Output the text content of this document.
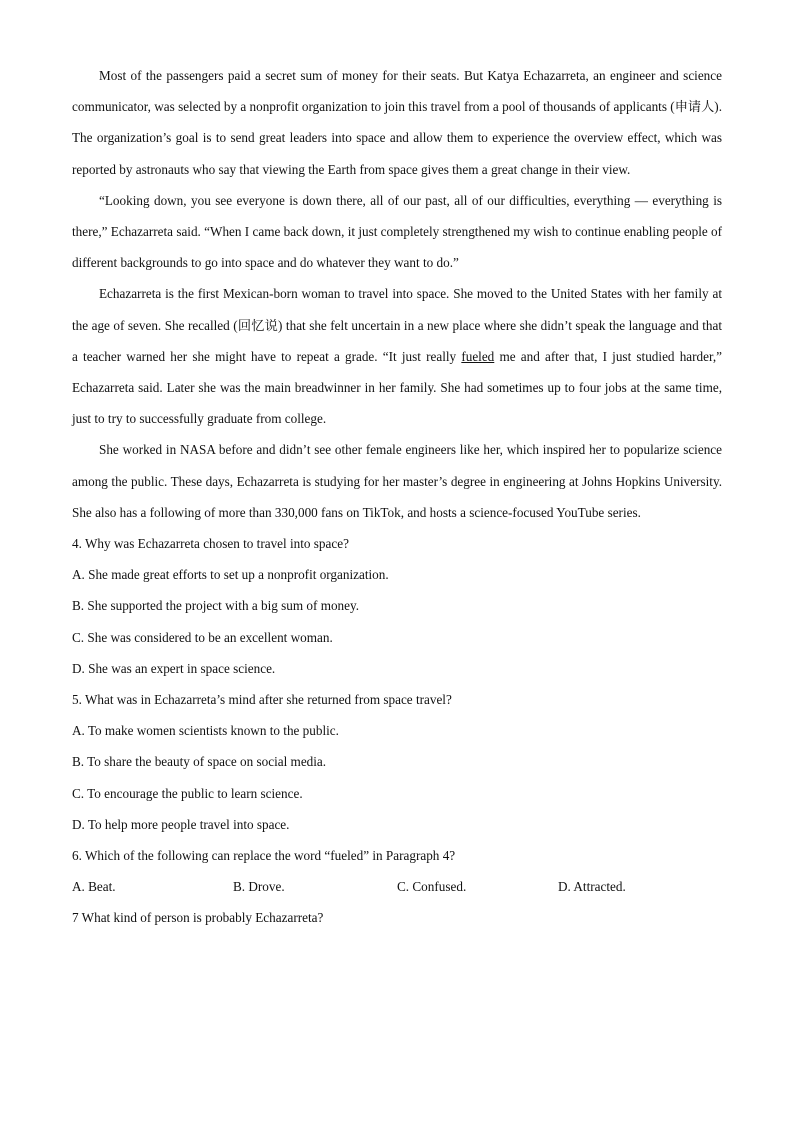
Most of the passengers paid a secret sum of money for their seats. But Katya Echazarreta, an engineer and science communicator, was selected by a nonprofit organization to join this travel from a pool of thousands of applicants (申请人). The organization’s goal is to send great leaders into space and allow them to experience the overview effect, which was reported by astronauts who say that viewing the Earth from space gives them a great change in their view.

“Looking down, you see everyone is down there, all of our past, all of our difficulties, everything — everything is there,” Echazarreta said. “When I came back down, it just completely strengthened my wish to continue enabling people of different backgrounds to go into space and do whatever they want to do.”

Echazarreta is the first Mexican-born woman to travel into space. She moved to the United States with her family at the age of seven. She recalled (回忆说) that she felt uncertain in a new place where she didn’t speak the language and that a teacher warned her she might have to repeat a grade. “It just really fueled me and after that, I just studied harder,” Echazarreta said. Later she was the main breadwinner in her family. She had sometimes up to four jobs at the same time, just to try to successfully graduate from college.

She worked in NASA before and didn’t see other female engineers like her, which inspired her to popularize science among the public. These days, Echazarreta is studying for her master’s degree in engineering at Johns Hopkins University. She also has a following of more than 330,000 fans on TikTok, and hosts a science-focused YouTube series.

4. Why was Echazarreta chosen to travel into space?

A. She made great efforts to set up a nonprofit organization.

B. She supported the project with a big sum of money.

C. She was considered to be an excellent woman.

D. She was an expert in space science.

5. What was in Echazarreta’s mind after she returned from space travel?

A. To make women scientists known to the public.

B. To share the beauty of space on social media.

C. To encourage the public to learn science.

D. To help more people travel into space.

6. Which of the following can replace the word “fueled” in Paragraph 4?

A. Beat.	B. Drove.	C. Confused.	D. Attracted.

7 What kind of person is probably Echazarreta?
